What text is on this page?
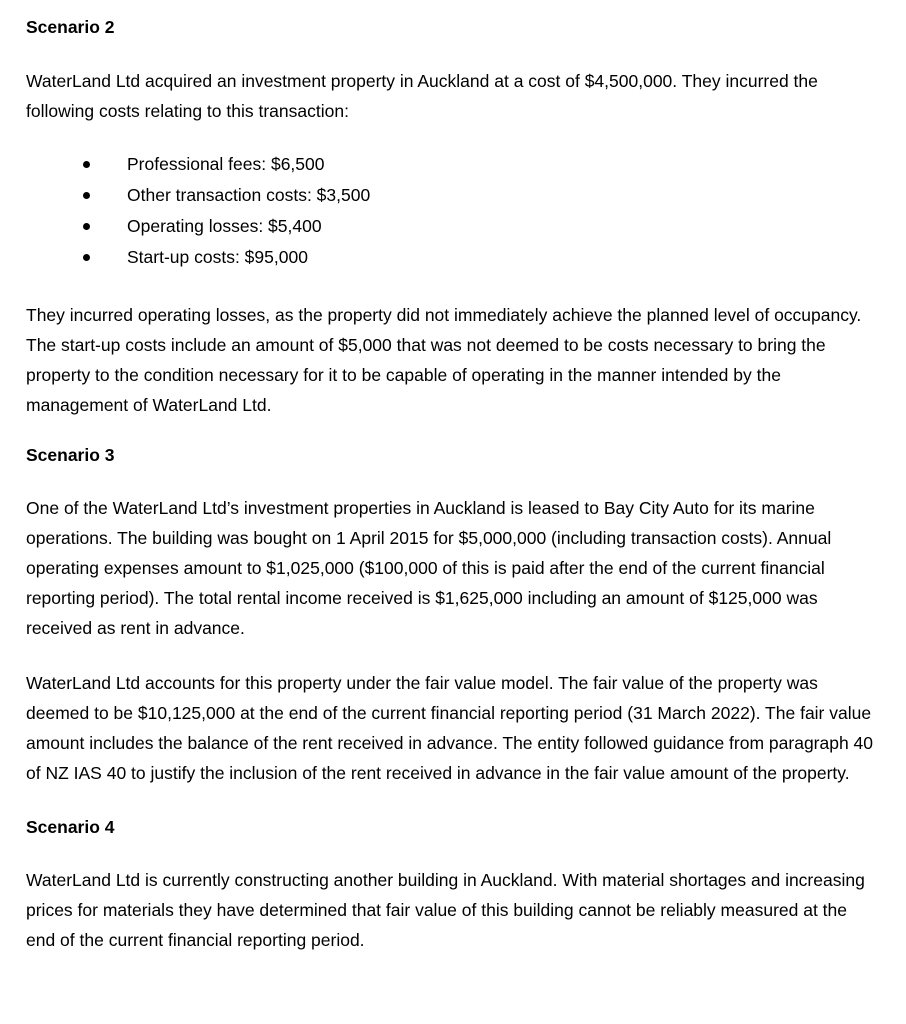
Scenario 2

WaterLand Ltd acquired an investment property in Auckland at a cost of $4,500,000. They incurred the following costs relating to this transaction:

Professional fees: $6,500
Other transaction costs: $3,500
Operating losses: $5,400
Start-up costs: $95,000

They incurred operating losses, as the property did not immediately achieve the planned level of occupancy. The start-up costs include an amount of $5,000 that was not deemed to be costs necessary to bring the property to the condition necessary for it to be capable of operating in the manner intended by the management of WaterLand Ltd.

Scenario 3

One of the WaterLand Ltd’s investment properties in Auckland is leased to Bay City Auto for its marine operations. The building was bought on 1 April 2015 for $5,000,000 (including transaction costs). Annual operating expenses amount to $1,025,000 ($100,000 of this is paid after the end of the current financial reporting period). The total rental income received is $1,625,000 including an amount of $125,000 was received as rent in advance.

WaterLand Ltd accounts for this property under the fair value model. The fair value of the property was deemed to be $10,125,000 at the end of the current financial reporting period (31 March 2022). The fair value amount includes the balance of the rent received in advance. The entity followed guidance from paragraph 40 of NZ IAS 40 to justify the inclusion of the rent received in advance in the fair value amount of the property.

Scenario 4

WaterLand Ltd is currently constructing another building in Auckland. With material shortages and increasing prices for materials they have determined that fair value of this building cannot be reliably measured at the end of the current financial reporting period.
